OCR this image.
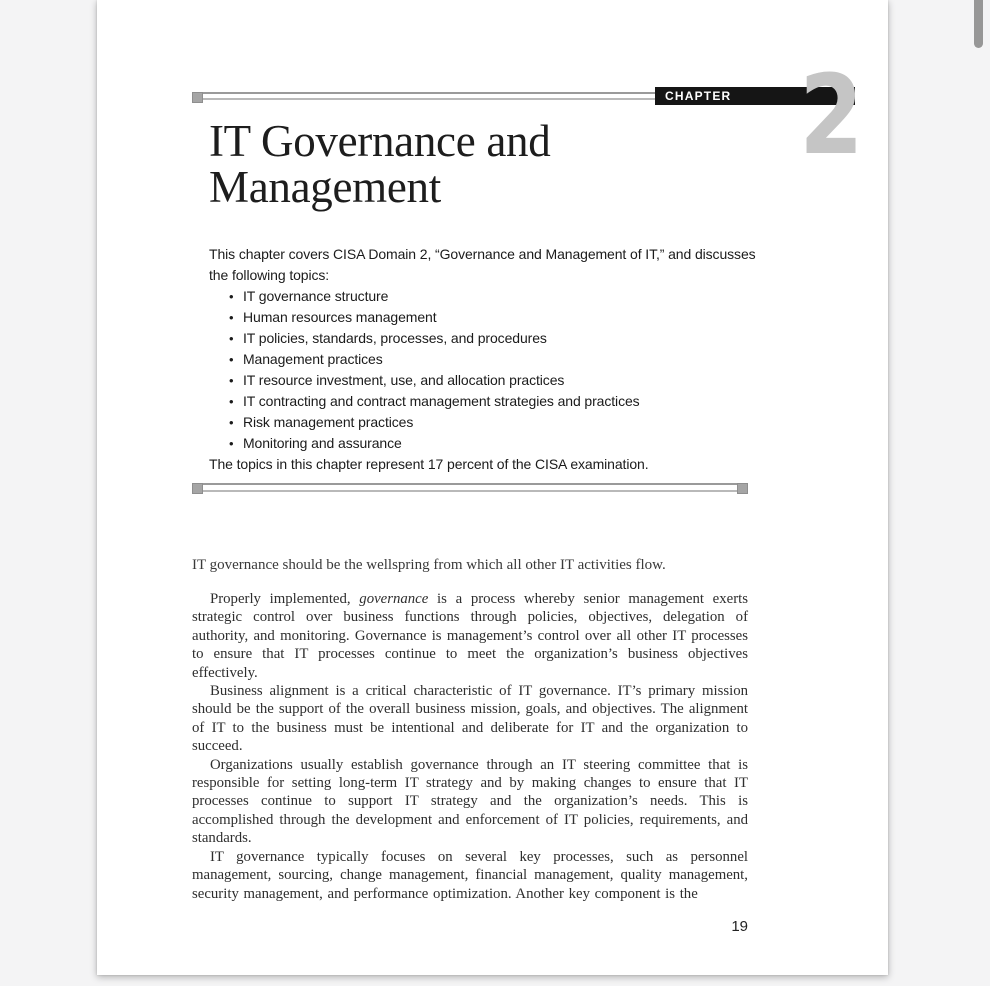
CHAPTER 2
IT Governance and
Management

This chapter covers CISA Domain 2, “Governance and Management of IT,” and discusses the following topics:

• IT governance structure
• Human resources management
• IT policies, standards, processes, and procedures
• Management practices
• IT resource investment, use, and allocation practices
• IT contracting and contract management strategies and practices
• Risk management practices
• Monitoring and assurance

The topics in this chapter represent 17 percent of the CISA examination.

IT governance should be the wellspring from which all other IT activities flow.

Properly implemented, governance is a process whereby senior management exerts strategic control over business functions through policies, objectives, delegation of authority, and monitoring. Governance is management’s control over all other IT processes to ensure that IT processes continue to meet the organization’s business objectives effectively.

Business alignment is a critical characteristic of IT governance. IT’s primary mission should be the support of the overall business mission, goals, and objectives. The alignment of IT to the business must be intentional and deliberate for IT and the organization to succeed.

Organizations usually establish governance through an IT steering committee that is responsible for setting long-term IT strategy and by making changes to ensure that IT processes continue to support IT strategy and the organization’s needs. This is accomplished through the development and enforcement of IT policies, requirements, and standards.

IT governance typically focuses on several key processes, such as personnel management, sourcing, change management, financial management, quality management, security management, and performance optimization. Another key component is the

19
